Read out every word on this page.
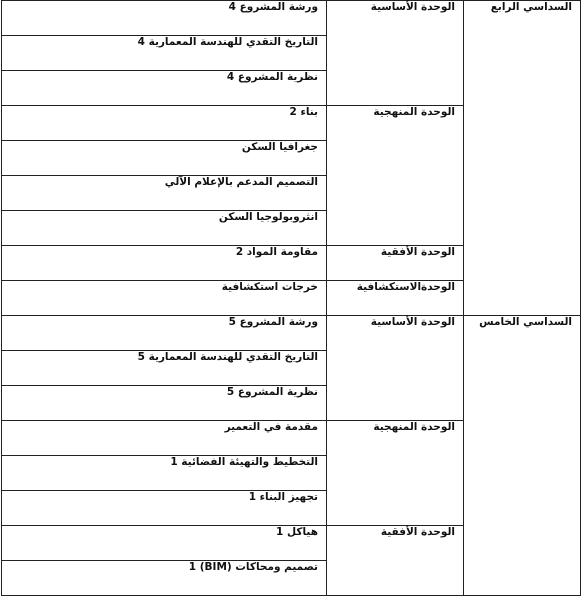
السداسي الرابع	الوحدة الأساسية	ورشة المشروع 4
		التاريخ التقدي للهندسة المعمارية 4
		نظرية المشروع 4
	الوحدة المنهجية	بناء 2
		جغرافيا السكن
		التصميم المدعم بالإعلام الآلي
		انثروبولوجيا السكن
	الوحدة الأفقية	مقاومة المواد 2
	الوحدةالاستكشافية	خرجات استكشافية
السداسي الخامس	الوحدة الأساسية	ورشة المشروع 5
		التاريخ التقدي للهندسة المعمارية 5
		نظرية المشروع 5
	الوحدة المنهجية	مقدمة في التعمير
		التخطيط والتهيئة الفضائية 1
		تجهيز البناء 1
	الوحدة الأفقية	هياكل 1
		تصميم ومحاكات (BIM) 1
